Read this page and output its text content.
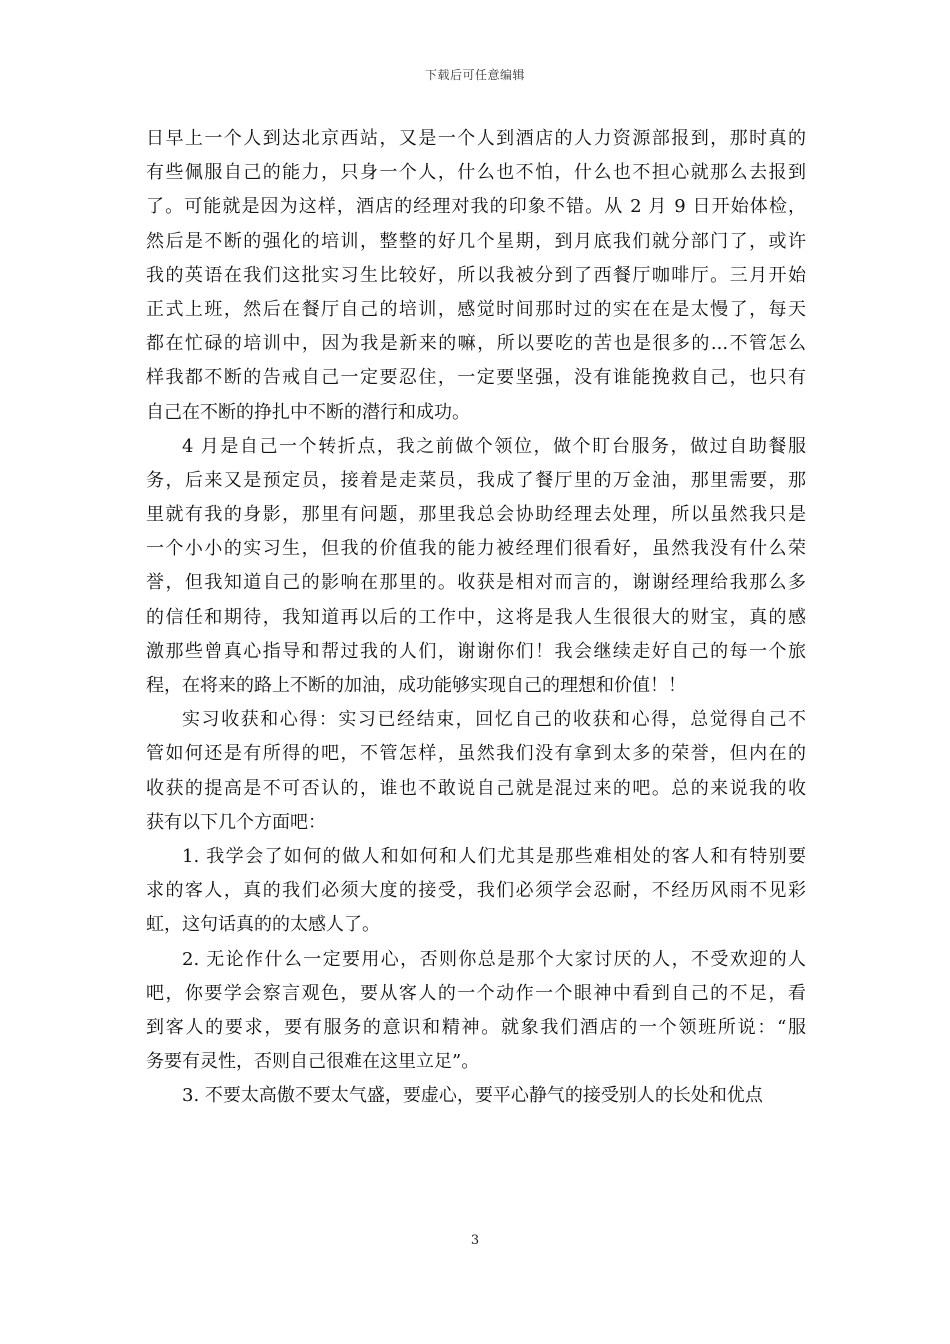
下载后可任意编辑
日早上一个人到达北京西站，又是一个人到酒店的人力资源部报到，那时真的
有些佩服自己的能力，只身一个人，什么也不怕，什么也不担心就那么去报到
了。可能就是因为这样，酒店的经理对我的印象不错。从 2 月 9 日开始体检，
然后是不断的强化的培训，整整的好几个星期，到月底我们就分部门了，或许
我的英语在我们这批实习生比较好，所以我被分到了西餐厅咖啡厅。三月开始
正式上班，然后在餐厅自己的培训，感觉时间那时过的实在在是太慢了，每天
都在忙碌的培训中，因为我是新来的嘛，所以要吃的苦也是很多的...不管怎么
样我都不断的告戒自己一定要忍住，一定要坚强，没有谁能挽救自己，也只有
自己在不断的挣扎中不断的潜行和成功。
4 月是自己一个转折点，我之前做个领位，做个盯台服务，做过自助餐服
务，后来又是预定员，接着是走菜员，我成了餐厅里的万金油，那里需要，那
里就有我的身影，那里有问题，那里我总会协助经理去处理，所以虽然我只是
一个小小的实习生，但我的价值我的能力被经理们很看好，虽然我没有什么荣
誉，但我知道自己的影响在那里的。收获是相对而言的，谢谢经理给我那么多
的信任和期待，我知道再以后的工作中，这将是我人生很很大的财宝，真的感
激那些曾真心指导和帮过我的人们，谢谢你们！我会继续走好自己的每一个旅
程，在将来的路上不断的加油，成功能够实现自己的理想和价值！！
实习收获和心得：实习已经结束，回忆自己的收获和心得，总觉得自己不
管如何还是有所得的吧，不管怎样，虽然我们没有拿到太多的荣誉，但内在的
收获的提高是不可否认的，谁也不敢说自己就是混过来的吧。总的来说我的收
获有以下几个方面吧：
1. 我学会了如何的做人和如何和人们尤其是那些难相处的客人和有特别要
求的客人，真的我们必须大度的接受，我们必须学会忍耐，不经历风雨不见彩
虹，这句话真的的太感人了。
2. 无论作什么一定要用心，否则你总是那个大家讨厌的人，不受欢迎的人
吧，你要学会察言观色，要从客人的一个动作一个眼神中看到自己的不足，看
到客人的要求，要有服务的意识和精神。就象我们酒店的一个领班所说：“服
务要有灵性，否则自己很难在这里立足”。
3. 不要太高傲不要太气盛，要虚心，要平心静气的接受别人的长处和优点
3
